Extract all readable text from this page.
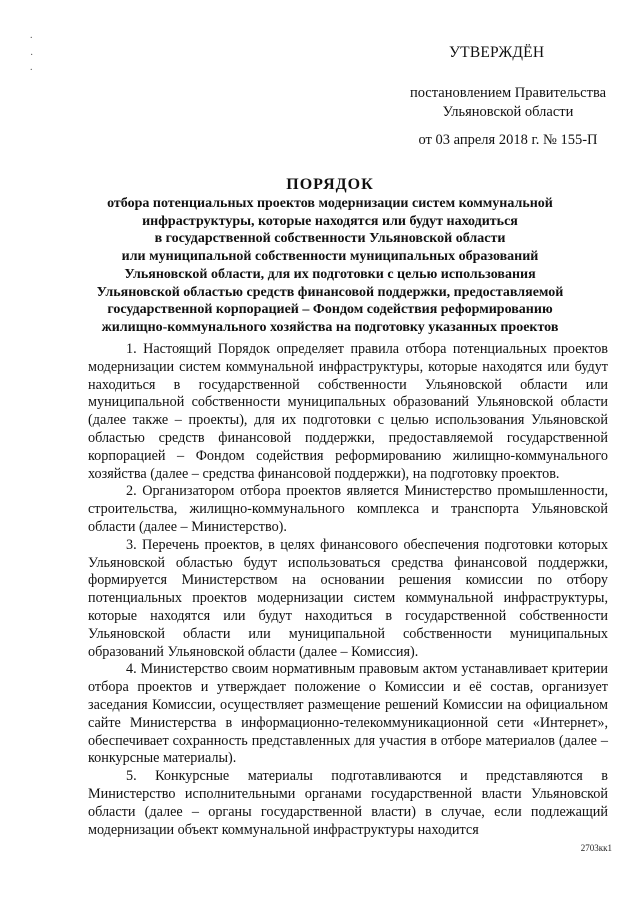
.
·
.
УТВЕРЖДЁН
постановлением Правительства
Ульяновской области
от 03 апреля 2018 г. № 155-П
ПОРЯДОК
отбора потенциальных проектов модернизации систем коммунальной
инфраструктуры, которые находятся или будут находиться
в государственной собственности Ульяновской области
или муниципальной собственности муниципальных образований
Ульяновской области, для их подготовки с целью использования
Ульяновской областью средств финансовой поддержки, предоставляемой
государственной корпорацией – Фондом содействия реформированию
жилищно-коммунального хозяйства на подготовку указанных проектов

1. Настоящий Порядок определяет правила отбора потенциальных проектов модернизации систем коммунальной инфраструктуры, которые находятся или будут находиться в государственной собственности Ульяновской области или муниципальной собственности муниципальных образований Ульяновской области (далее также – проекты), для их подготовки с целью использования Ульяновской областью средств финансовой поддержки, предоставляемой государственной корпорацией – Фондом содействия реформированию жилищно-коммунального хозяйства (далее – средства финансовой поддержки), на подготовку проектов.

2. Организатором отбора проектов является Министерство промышленности, строительства, жилищно-коммунального комплекса и транспорта Ульяновской области (далее – Министерство).

3. Перечень проектов, в целях финансового обеспечения подготовки которых Ульяновской областью будут использоваться средства финансовой поддержки, формируется Министерством на основании решения комиссии по отбору потенциальных проектов модернизации систем коммунальной инфраструктуры, которые находятся или будут находиться в государственной собственности Ульяновской области или муниципальной собственности муниципальных образований Ульяновской области (далее – Комиссия).

4. Министерство своим нормативным правовым актом устанавливает критерии отбора проектов и утверждает положение о Комиссии и её состав, организует заседания Комиссии, осуществляет размещение решений Комиссии на официальном сайте Министерства в информационно-телекоммуникационной сети «Интернет», обеспечивает сохранность представленных для участия в отборе материалов (далее – конкурсные материалы).

5. Конкурсные материалы подготавливаются и представляются в Министерство исполнительными органами государственной власти Ульяновской области (далее – органы государственной власти) в случае, если подлежащий модернизации объект коммунальной инфраструктуры находится

2703кк1
